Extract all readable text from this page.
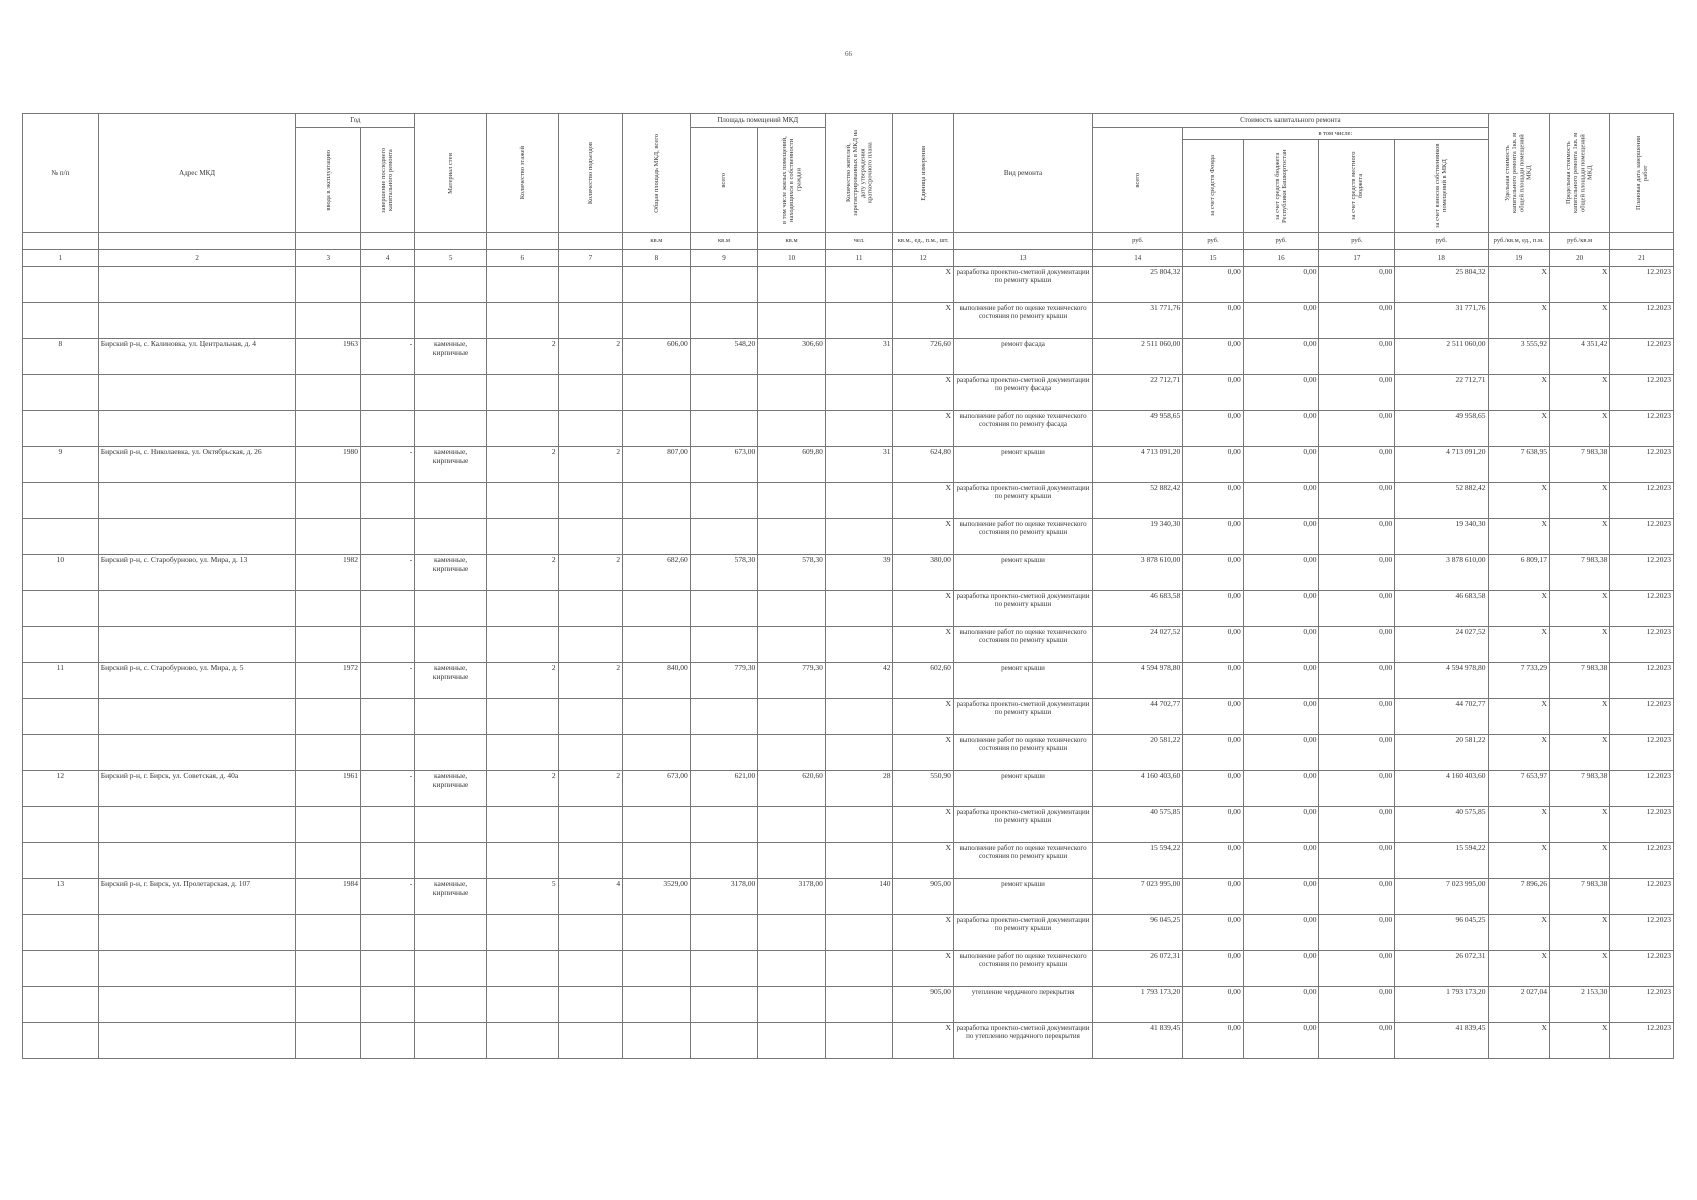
66
№ п/п	Адрес МКД	Год		Материал стен	Количество этажей	Количество подъездов	Общая площадь МКД, всего	Площадь помещений МКД		Количество жителей, зарегистрированных в МКД на дату утверждения краткосрочного плана	Единица измерения	Вид ремонта	Стоимость капитального ремонта					Удельная стоимость капитального ремонта 1кв. м общей площади помещений МКД	Предельная стоимость капитального ремонта 1кв. м общей площади помещений МКД	Плановая дата завершения работ

		ввода в эксплуатацию	завершение последнего капитального ремонта					всего	в том числе жилых помещений, находящихся в собственности граждан				всего	в том числе:						

														за счет средств Фонда	за счет средств бюджета Республики Башкортостан	за счет средств местного бюджета	за счет взносов собственников помещений в МКД			

							кв.м	кв.м	кв.м	чел.	кв.м., ед., п.м., шт.		руб.	руб.	руб.	руб.	руб.	руб./кв.м, ед., п.м.	руб./кв.м	
1	2	3	4	5	6	7	8	9	10	11	12	13	14	15	16	17	18	19	20	21
											X	разработка проектно-сметной документации по ремонту крыши	25 804,32	0,00	0,00	0,00	25 804,32	X	X	12.2023
											X	выполнение работ по оценке технического состояния по ремонту крыши	31 771,76	0,00	0,00	0,00	31 771,76	X	X	12.2023
8	Бирский р-н, с. Калиновка, ул. Центральная, д. 4	1963	-	каменные, кирпичные	2	2	606,00	548,20	306,60	31	726,60	ремонт фасада	2 511 060,00	0,00	0,00	0,00	2 511 060,00	3 555,92	4 351,42	12.2023
											X	разработка проектно-сметной документации по ремонту фасада	22 712,71	0,00	0,00	0,00	22 712,71	X	X	12.2023
											X	выполнение работ по оценке технического состояния по ремонту фасада	49 958,65	0,00	0,00	0,00	49 958,65	X	X	12.2023
9	Бирский р-н, с. Николаевка, ул. Октябрьская, д. 26	1980	-	каменные, кирпичные	2	2	807,00	673,00	609,80	31	624,80	ремонт крыши	4 713 091,20	0,00	0,00	0,00	4 713 091,20	7 638,95	7 983,38	12.2023
											X	разработка проектно-сметной документации по ремонту крыши	52 882,42	0,00	0,00	0,00	52 882,42	X	X	12.2023
											X	выполнение работ по оценке технического состояния по ремонту крыши	19 340,30	0,00	0,00	0,00	19 340,30	X	X	12.2023
10	Бирский р-н, с. Старобурново, ул. Мира, д. 13	1982	-	каменные, кирпичные	2	2	682,60	578,30	578,30	39	380,00	ремонт крыши	3 878 610,00	0,00	0,00	0,00	3 878 610,00	6 809,17	7 983,38	12.2023
											X	разработка проектно-сметной документации по ремонту крыши	46 683,58	0,00	0,00	0,00	46 683,58	X	X	12.2023
											X	выполнение работ по оценке технического состояния по ремонту крыши	24 027,52	0,00	0,00	0,00	24 027,52	X	X	12.2023
11	Бирский р-н, с. Старобурново, ул. Мира, д. 5	1972	-	каменные, кирпичные	2	2	840,00	779,30	779,30	42	602,60	ремонт крыши	4 594 978,80	0,00	0,00	0,00	4 594 978,80	7 733,29	7 983,38	12.2023
											X	разработка проектно-сметной документации по ремонту крыши	44 702,77	0,00	0,00	0,00	44 702,77	X	X	12.2023
											X	выполнение работ по оценке технического состояния по ремонту крыши	20 581,22	0,00	0,00	0,00	20 581,22	X	X	12.2023
12	Бирский р-н, г. Бирск, ул. Советская, д. 40а	1961	-	каменные, кирпичные	2	2	673,00	621,00	620,60	28	550,90	ремонт крыши	4 160 403,60	0,00	0,00	0,00	4 160 403,60	7 653,97	7 983,38	12.2023
											X	разработка проектно-сметной документации по ремонту крыши	40 575,85	0,00	0,00	0,00	40 575,85	X	X	12.2023
											X	выполнение работ по оценке технического состояния по ремонту крыши	15 594,22	0,00	0,00	0,00	15 594,22	X	X	12.2023
13	Бирский р-н, г. Бирск, ул. Пролетарская, д. 107	1984	-	каменные, кирпичные	5	4	3529,00	3178,00	3178,00	140	905,00	ремонт крыши	7 023 995,00	0,00	0,00	0,00	7 023 995,00	7 896,26	7 983,38	12.2023
											X	разработка проектно-сметной документации по ремонту крыши	96 045,25	0,00	0,00	0,00	96 045,25	X	X	12.2023
											X	выполнение работ по оценке технического состояния по ремонту крыши	26 072,31	0,00	0,00	0,00	26 072,31	X	X	12.2023
											905,00	утепление чердачного перекрытия	1 793 173,20	0,00	0,00	0,00	1 793 173,20	2 027,04	2 153,30	12.2023
											X	разработка проектно-сметной документации по утеплению чердачного перекрытия	41 839,45	0,00	0,00	0,00	41 839,45	X	X	12.2023
